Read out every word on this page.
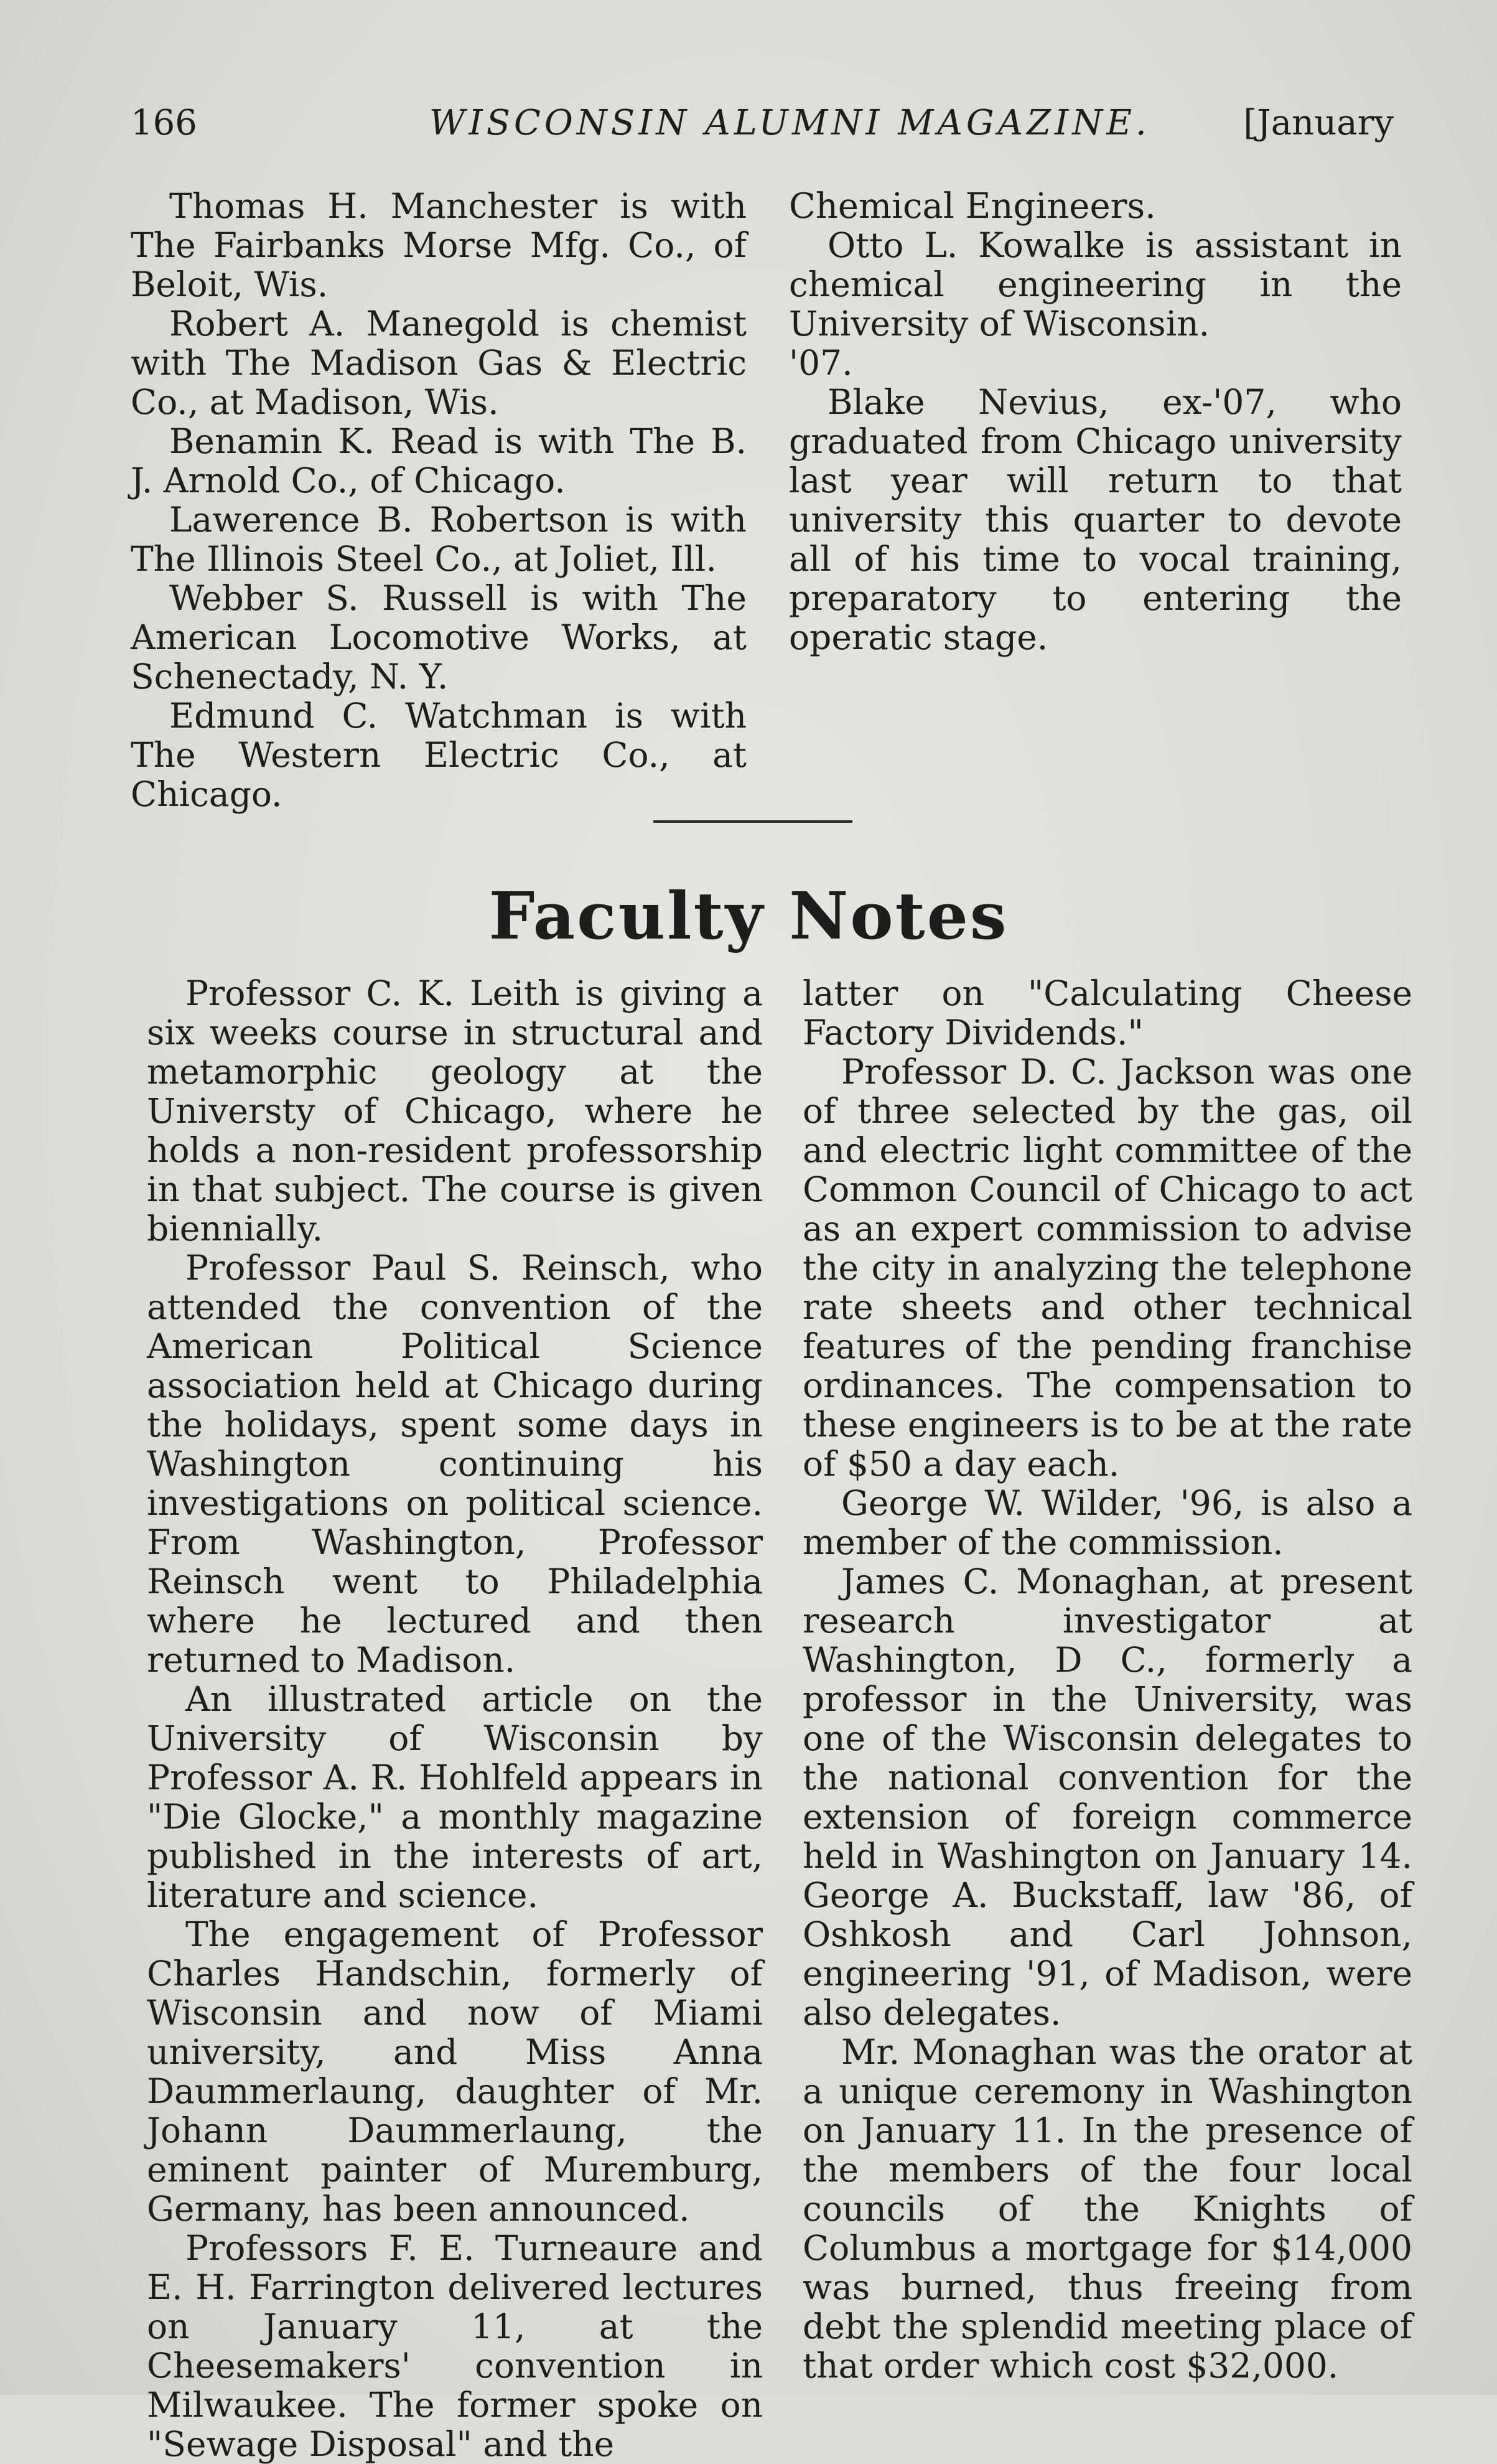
166	WISCONSIN ALUMNI MAGAZINE.	[January

Thomas H. Manchester is with The Fairbanks Morse Mfg. Co., of Beloit, Wis.

Robert A. Manegold is chemist with The Madison Gas & Electric Co., at Madison, Wis.

Benamin K. Read is with The B. J. Arnold Co., of Chicago.

Lawerence B. Robertson is with The Illinois Steel Co., at Joliet, Ill.

Webber S. Russell is with The American Locomotive Works, at Schenectady, N. Y.

Edmund C. Watchman is with The Western Electric Co., at Chicago.

Chemical Engineers.

Otto L. Kowalke is assistant in chemical engineering in the University of Wisconsin.

'07.

Blake Nevius, ex-'07, who graduated from Chicago university last year will return to that university this quarter to devote all of his time to vocal training, preparatory to entering the operatic stage.

Faculty Notes

Professor C. K. Leith is giving a six weeks course in structural and metamorphic geology at the Universty of Chicago, where he holds a non-resident professorship in that subject. The course is given biennially.

Professor Paul S. Reinsch, who attended the convention of the American Political Science association held at Chicago during the holidays, spent some days in Washington continuing his investigations on political science. From Washington, Professor Reinsch went to Philadelphia where he lectured and then returned to Madison.

An illustrated article on the University of Wisconsin by Professor A. R. Hohlfeld appears in "Die Glocke," a monthly magazine published in the interests of art, literature and science.

The engagement of Professor Charles Handschin, formerly of Wisconsin and now of Miami university, and Miss Anna Daummerlaung, daughter of Mr. Johann Daummerlaung, the eminent painter of Muremburg, Germany, has been announced.

Professors F. E. Turneaure and E. H. Farrington delivered lectures on January 11, at the Cheesemakers' convention in Milwaukee. The former spoke on "Sewage Disposal" and the

latter on "Calculating Cheese Factory Dividends."

Professor D. C. Jackson was one of three selected by the gas, oil and electric light committee of the Common Council of Chicago to act as an expert commission to advise the city in analyzing the telephone rate sheets and other technical features of the pending franchise ordinances. The compensation to these engineers is to be at the rate of $50 a day each.

George W. Wilder, '96, is also a member of the commission.

James C. Monaghan, at present research investigator at Washington, D C., formerly a professor in the University, was one of the Wisconsin delegates to the national convention for the extension of foreign commerce held in Washington on January 14. George A. Buckstaff, law '86, of Oshkosh and Carl Johnson, engineering '91, of Madison, were also delegates.

Mr. Monaghan was the orator at a unique ceremony in Washington on January 11. In the presence of the members of the four local councils of the Knights of Columbus a mortgage for $14,000 was burned, thus freeing from debt the splendid meeting place of that order which cost $32,000.
